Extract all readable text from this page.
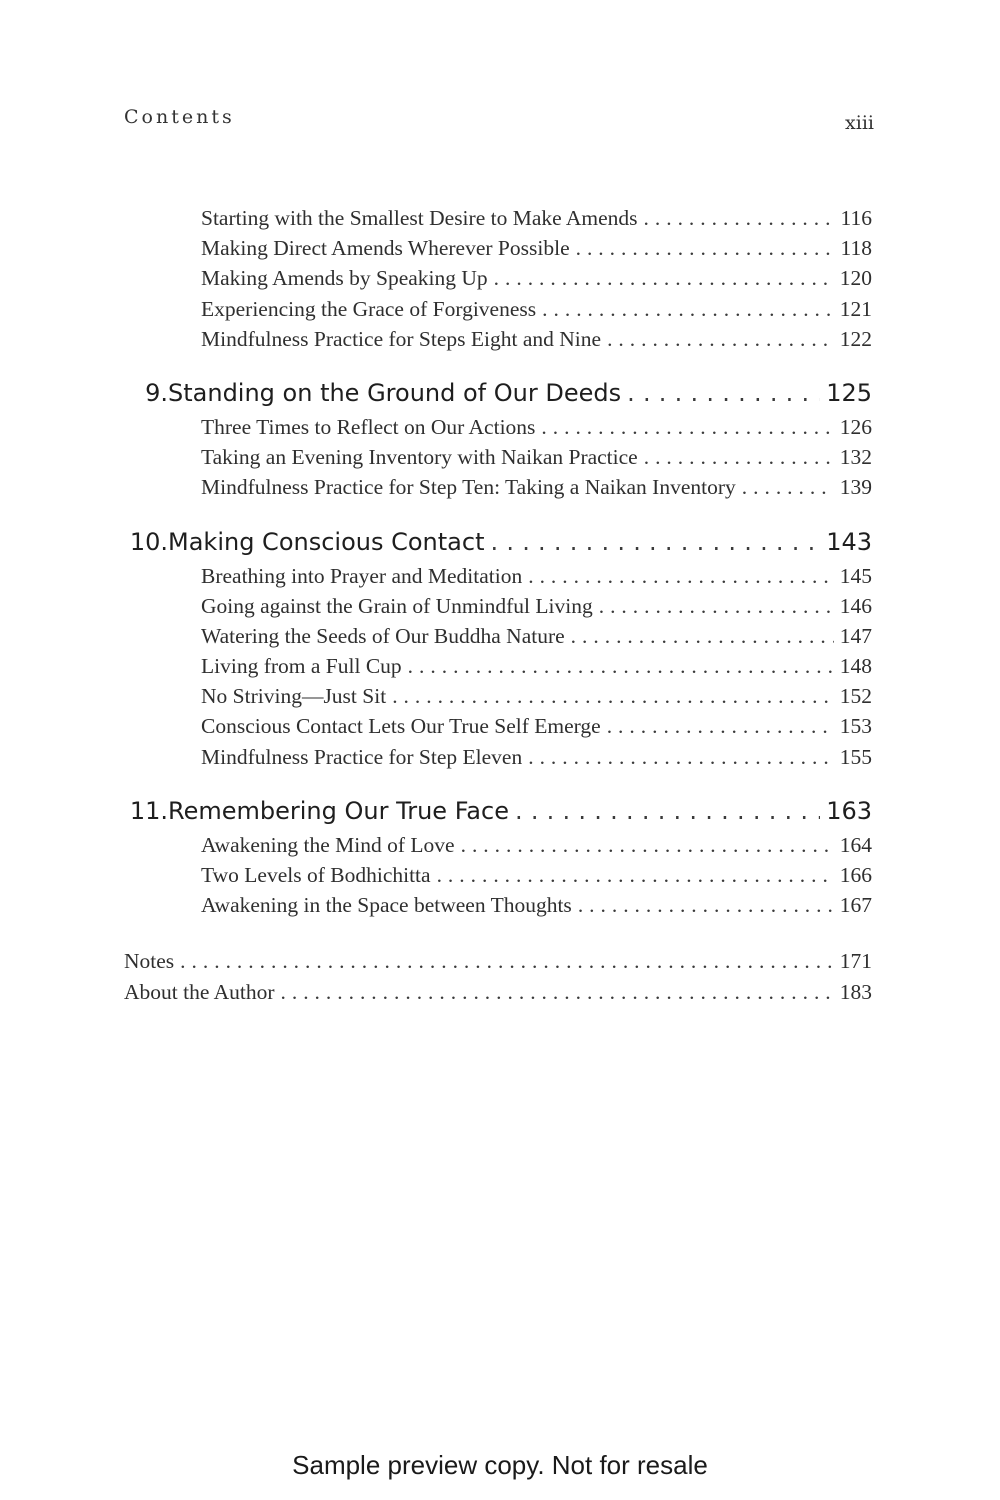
Contents	xiii
Starting with the Smallest Desire to Make Amends . . .	116
Making Direct Amends Wherever Possible . . .	118
Making Amends by Speaking Up . . .	120
Experiencing the Grace of Forgiveness . . .	121
Mindfulness Practice for Steps Eight and Nine . . .	122
9. Standing on the Ground of Our Deeds . . .	125
Three Times to Reflect on Our Actions . . .	126
Taking an Evening Inventory with Naikan Practice . . .	132
Mindfulness Practice for Step Ten: Taking a Naikan Inventory . . .	139
10. Making Conscious Contact . . .	143
Breathing into Prayer and Meditation . . .	145
Going against the Grain of Unmindful Living . . .	146
Watering the Seeds of Our Buddha Nature . . .	147
Living from a Full Cup . . .	148
No Striving—Just Sit . . .	152
Conscious Contact Lets Our True Self Emerge . . .	153
Mindfulness Practice for Step Eleven . . .	155
11. Remembering Our True Face . . .	163
Awakening the Mind of Love . . .	164
Two Levels of Bodhichitta . . .	166
Awakening in the Space between Thoughts . . .	167
Notes . . .	171
About the Author . . .	183
Sample preview copy. Not for resale
